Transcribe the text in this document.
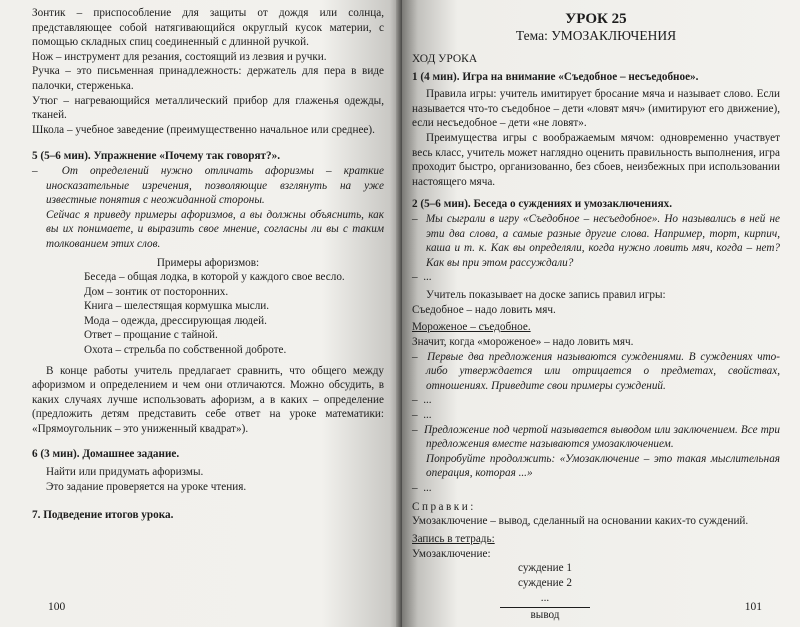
Зонтик – приспособление для защиты от дождя или солнца, представляющее собой натягивающийся округлый кусок материи, с помощью складных спиц соединенный с длинной ручкой.

Нож – инструмент для резания, состоящий из лезвия и ручки.

Ручка – это письменная принадлежность: держатель для пера в виде палочки, стерженька.

Утюг – нагревающийся металлический прибор для глаженья одежды, тканей.

Школа – учебное заведение (преимущественно начальное или среднее).

5 (5–6 мин). Упражнение «Почему так говорят?».

–  От определений нужно отличать афоризмы – краткие иносказательные изречения, позволяющие взглянуть на уже известные понятия с неожиданной стороны.

Сейчас я приведу примеры афоризмов, а вы должны объяснить, как вы их понимаете, и выразить свое мнение, согласны ли вы с таким толкованием этих слов.

Примеры афоризмов:

Беседа – общая лодка, в которой у каждого свое весло.

Дом – зонтик от посторонних.

Книга – шелестящая кормушка мысли.

Мода – одежда, дрессирующая людей.

Ответ – прощание с тайной.

Охота – стрельба по собственной доброте.

В конце работы учитель предлагает сравнить, что общего между афоризмом и определением и чем они отличаются. Можно обсудить, в каких случаях лучше использовать афоризм, а в каких – определение (предложить детям представить себе ответ на уроке математики: «Прямоугольник – это униженный квадрат»).

6 (3 мин). Домашнее задание.

Найти или придумать афоризмы.

Это задание проверяется на уроке чтения.

7. Подведение итогов урока.

100
УРОК 25
Тема: УМОЗАКЛЮЧЕНИЯ

ХОД УРОКА

1 (4 мин). Игра на внимание «Съедобное – несъедобное».

Правила игры: учитель имитирует бросание мяча и называет слово. Если называется что-то съедобное – дети «ловят мяч» (имитируют его движение), если несъедобное – дети «не ловят».

Преимущества игры с воображаемым мячом: одновременно участвует весь класс, учитель может наглядно оценить правильность выполнения, игра проходит быстро, организованно, без сбоев, неизбежных при использовании настоящего мяча.

2 (5–6 мин). Беседа о суждениях и умозаключениях.

–  Мы сыграли в игру «Съедобное – несъедобное». Но назывались в ней не эти два слова, а самые разные другие слова. Например, торт, кирпич, каша и т. к. Как вы определяли, когда нужно ловить мяч, когда – нет? Как вы при этом рассуждали?

–  ...

Учитель показывает на доске запись правил игры:

Съедобное – надо ловить мяч.

Мороженое – съедобное.

Значит, когда «мороженое» – надо ловить мяч.

–  Первые два предложения называются суждениями. В суждениях что-либо утверждается или отрицается о предметах, свойствах, отношениях. Приведите свои примеры суждений.

–  ...

–  ...

–  Предложение под чертой называется выводом или заключением. Все три предложения вместе называются умозаключением.

Попробуйте продолжить: «Умозаключение – это такая мыслительная операция, которая ...»

–  ...

Справки:

Умозаключение – вывод, сделанный на основании каких-то суждений.

Запись в тетрадь:

Умозаключение:

суждение 1
суждение 2
...
вывод
101
